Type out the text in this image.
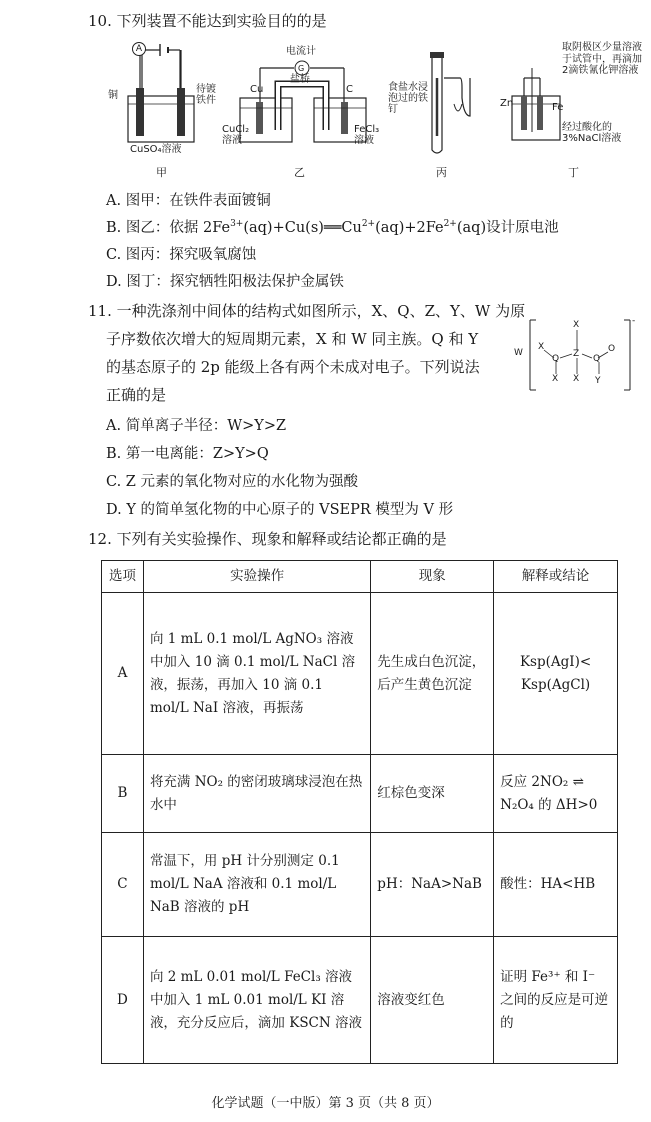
10. 下列装置不能达到实验目的的是
A
铜
待镀铁件
CuSO₄溶液
甲
电流计
G
盐桥
Cu	C
CuCl₂溶液
FeCl₃溶液
乙
食盐水浸泡过的铁钉
丙
取阴极区少量溶液于试管中，再滴加2滴铁氰化钾溶液
Zn	Fe
经过酸化的3%NaCl溶液
丁
A. 图甲：在铁件表面镀铜
B. 图乙：依据 $2Fe^{3+}(aq)+Cu(s)══Cu^{2+}(aq)+2Fe^{2+}(aq)$设计原电池
C. 图丙：探究吸氧腐蚀
D. 图丁：探究牺牲阳极法保护金属铁
11. 一种洗涤剂中间体的结构式如图所示，X、Q、Z、Y、W 为原
子序数依次增大的短周期元素，X 和 W 同主族。Q 和 Y
的基态原子的 2p 能级上各有两个未成对电子。下列说法
正确的是
W
X
Q
X
Z
X
X
Q
O
Y
-
A. 简单离子半径：W>Y>Z
B. 第一电离能：Z>Y>Q
C. Z 元素的氧化物对应的水化物为强酸
D. Y 的简单氢化物的中心原子的 VSEPR 模型为 V 形
12. 下列有关实验操作、现象和解释或结论都正确的是
选项	实验操作	现象	解释或结论
A	向 1 mL 0.1 mol/L AgNO₃ 溶液中加入 10 滴 0.1 mol/L NaCl 溶液，振荡，再加入 10 滴 0.1 mol/L NaI 溶液，再振荡	先生成白色沉淀，后产生黄色沉淀	Ksp(AgI)<
Ksp(AgCl)

B	将充满 NO₂ 的密闭玻璃球浸泡在热水中	红棕色变深	反应 2NO₂ ⇌
N₂O₄ 的 ΔH>0

C	常温下，用 pH 计分别测定 0.1 mol/L NaA 溶液和 0.1 mol/L NaB 溶液的 pH	pH：NaA>NaB	酸性：HA<HB

D	向 2 mL 0.01 mol/L FeCl₃ 溶液中加入 1 mL 0.01 mol/L KI 溶液，充分反应后，滴加 KSCN 溶液	溶液变红色	证明 Fe³⁺ 和 I⁻ 之间的反应是可逆的
化学试题（一中版）第 3 页（共 8 页）
